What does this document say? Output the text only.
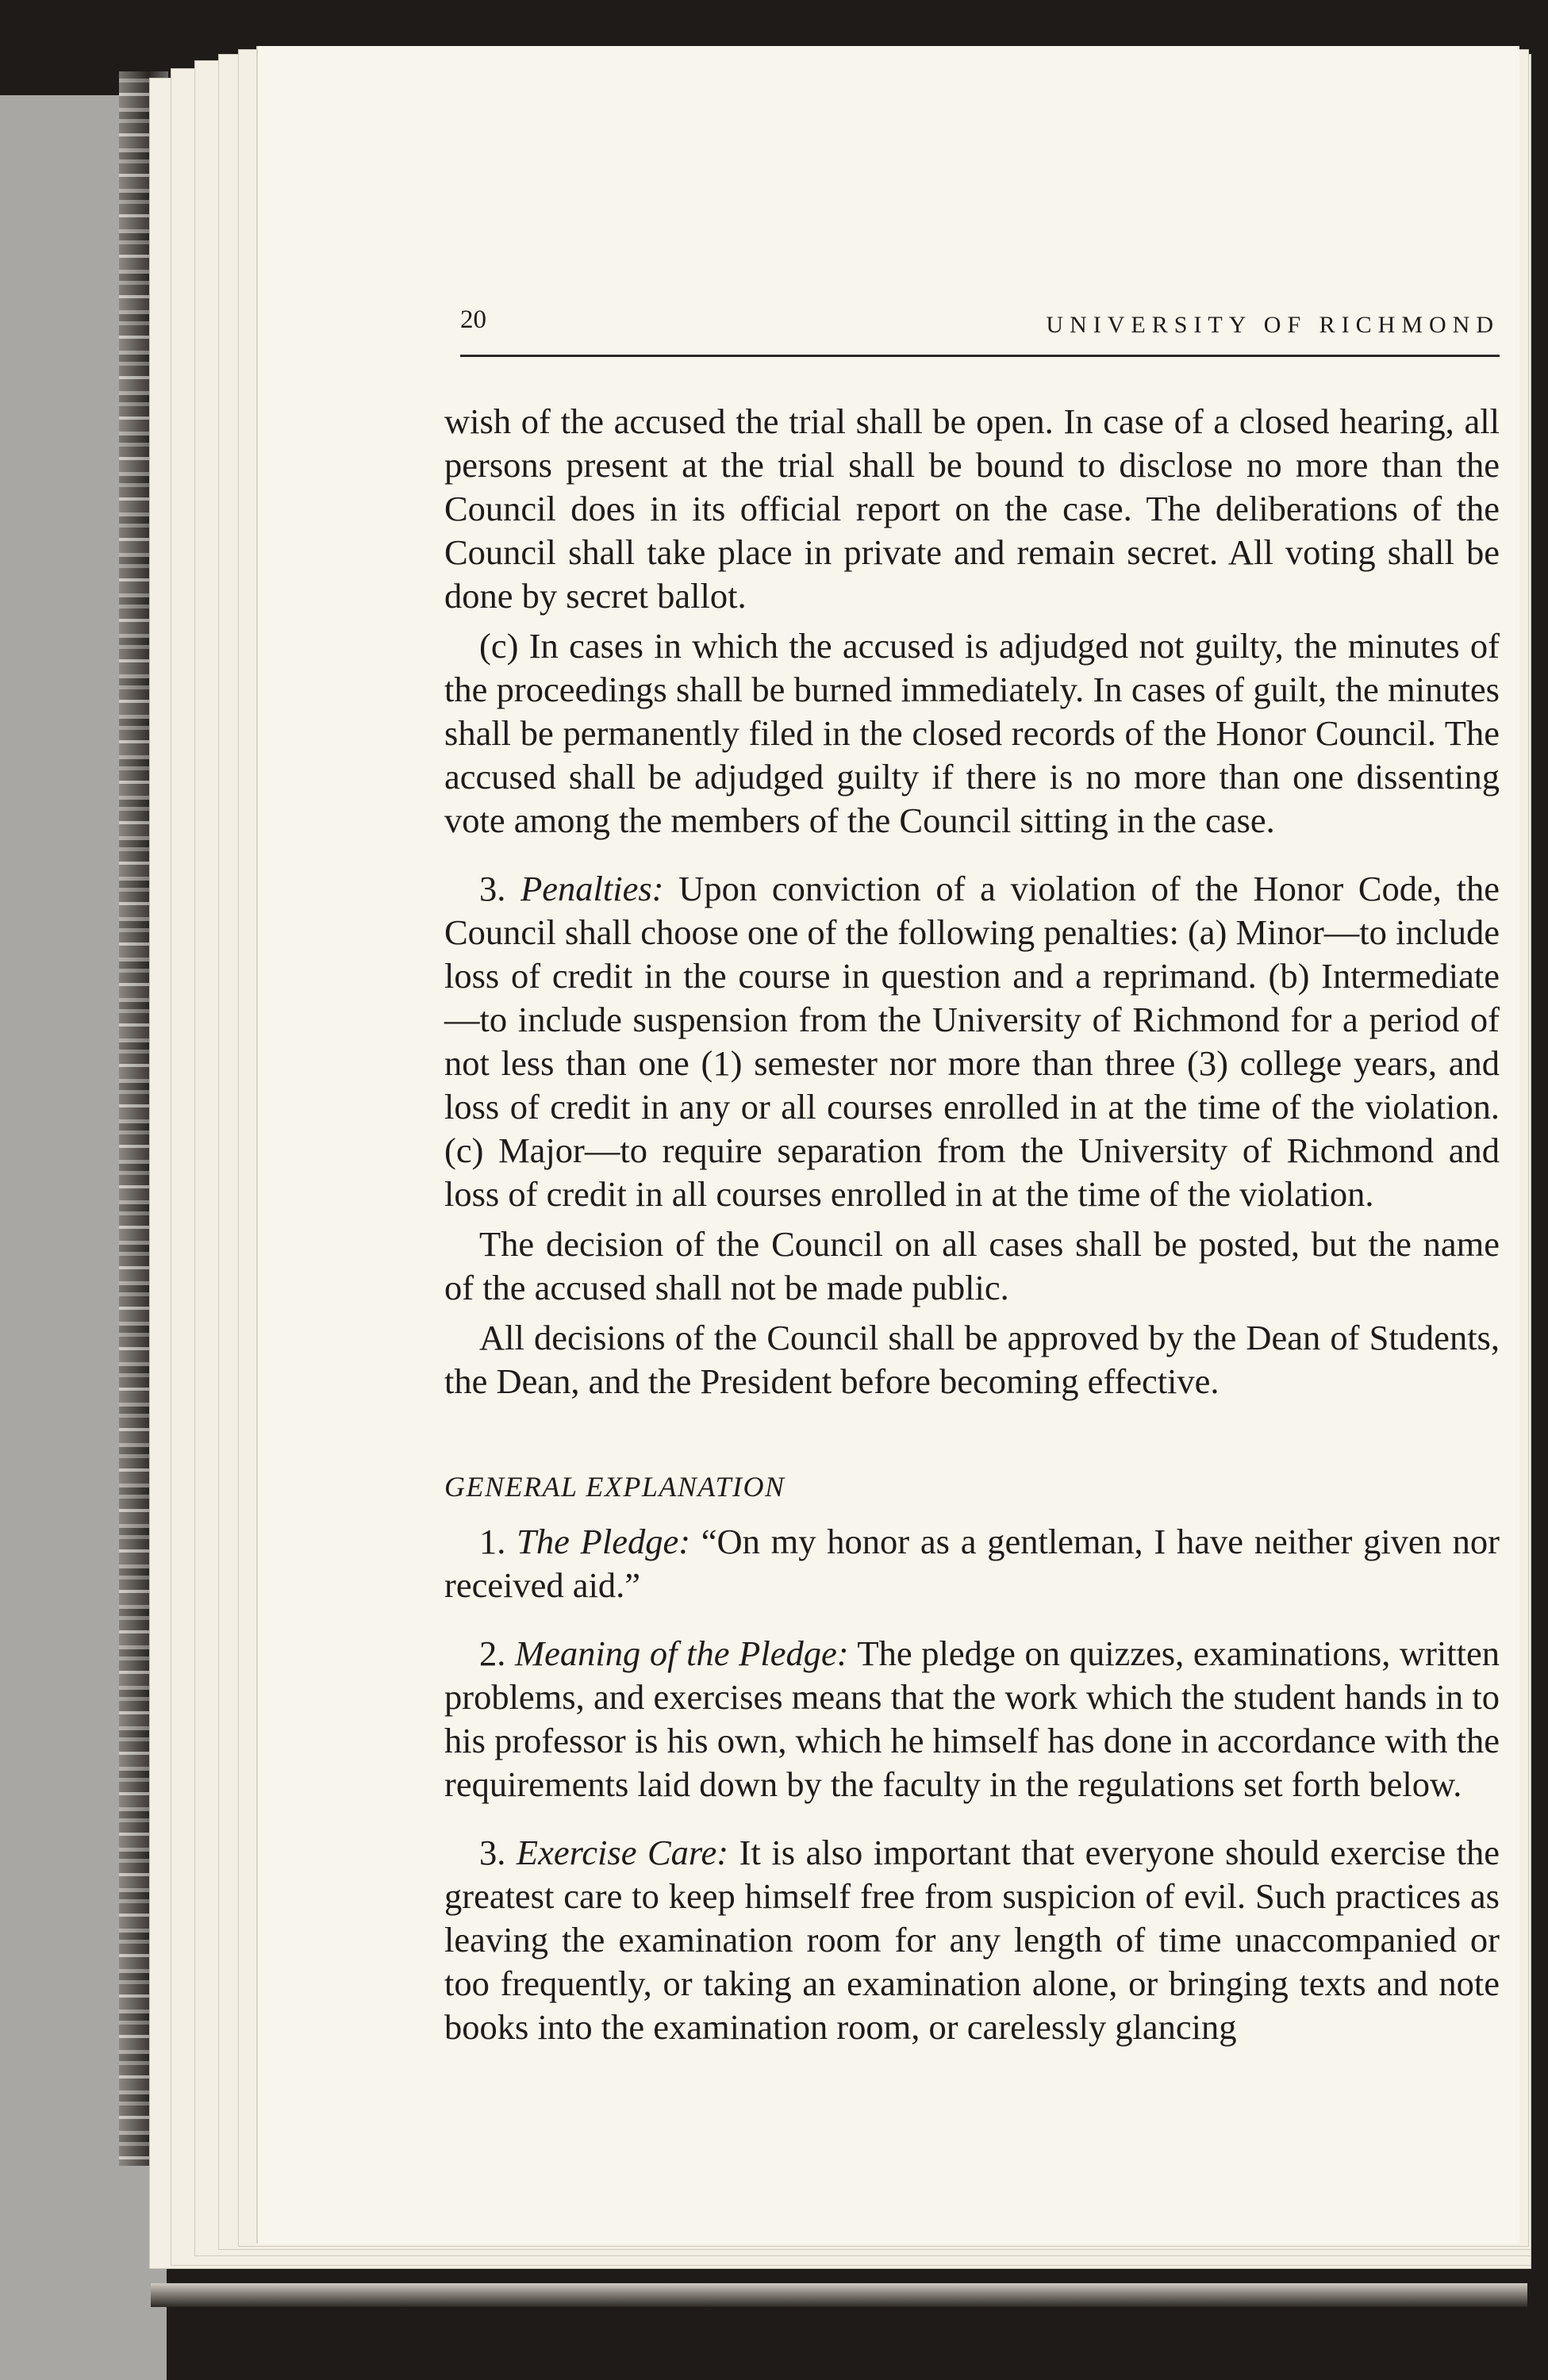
20	UNIVERSITY OF RICHMOND

wish of the accused the trial shall be open. In case of a closed hearing, all persons present at the trial shall be bound to disclose no more than the Council does in its official report on the case. The deliberations of the Council shall take place in private and remain secret. All voting shall be done by secret ballot.

(c) In cases in which the accused is adjudged not guilty, the minutes of the proceedings shall be burned immediately. In cases of guilt, the minutes shall be permanently filed in the closed records of the Honor Council. The accused shall be adjudged guilty if there is no more than one dissenting vote among the members of the Council sitting in the case.

3. Penalties: Upon conviction of a violation of the Honor Code, the Council shall choose one of the following penalties: (a) Minor—to include loss of credit in the course in question and a reprimand. (b) Intermediate—to include suspension from the University of Richmond for a period of not less than one (1) semester nor more than three (3) college years, and loss of credit in any or all courses enrolled in at the time of the violation. (c) Major—to require separation from the University of Richmond and loss of credit in all courses enrolled in at the time of the violation.

The decision of the Council on all cases shall be posted, but the name of the accused shall not be made public.

All decisions of the Council shall be approved by the Dean of Students, the Dean, and the President before becoming effective.

GENERAL EXPLANATION

1. The Pledge: “On my honor as a gentleman, I have neither given nor received aid.”

2. Meaning of the Pledge: The pledge on quizzes, examinations, written problems, and exercises means that the work which the student hands in to his professor is his own, which he himself has done in accordance with the requirements laid down by the faculty in the regulations set forth below.

3. Exercise Care: It is also important that everyone should exercise the greatest care to keep himself free from suspicion of evil. Such practices as leaving the examination room for any length of time unaccompanied or too frequently, or taking an examination alone, or bringing texts and note books into the examination room, or carelessly glancing
